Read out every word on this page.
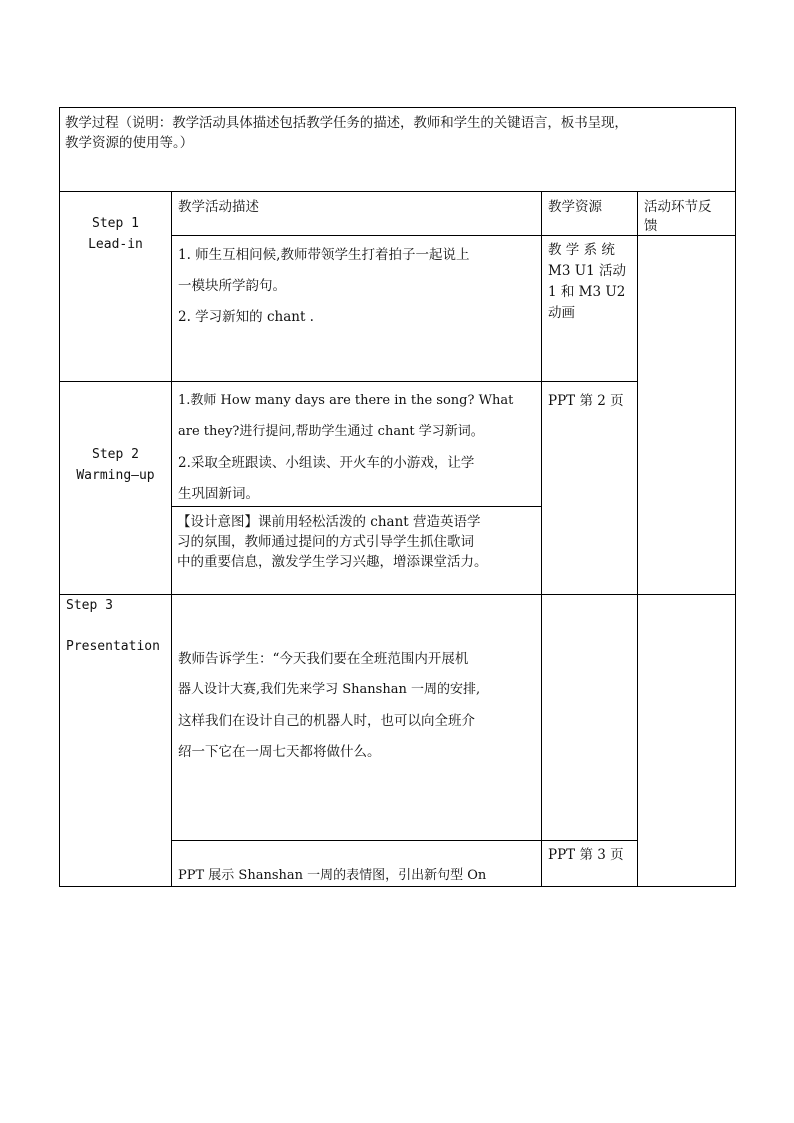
教学过程（说明：教学活动具体描述包括教学任务的描述，教师和学生的关键语言，板书呈现，
教学资源的使用等。）
教学活动描述	教学资源	活动环节反
馈
Step 1
Lead-in
1. 师生互相问候,教师带领学生打着拍子一起说上
一模块所学韵句。
2. 学习新知的 chant .
教 学 系 统
M3 U1 活动
1 和 M3 U2
动画
Step 2
Warming—up
1.教师 How many days are there in the song? What
are they?进行提问,帮助学生通过 chant 学习新词。
2.采取全班跟读、小组读、开火车的小游戏，让学
生巩固新词。
【设计意图】课前用轻松活泼的 chant 营造英语学
习的氛围，教师通过提问的方式引导学生抓住歌词
中的重要信息，激发学生学习兴趣，增添课堂活力。
PPT 第 2 页
Step 3
Presentation
教师告诉学生：“今天我们要在全班范围内开展机
器人设计大赛,我们先来学习 Shanshan 一周的安排,
这样我们在设计自己的机器人时，也可以向全班介
绍一下它在一周七天都将做什么。
PPT 展示 Shanshan 一周的表情图，引出新句型 On
PPT 第 3 页
